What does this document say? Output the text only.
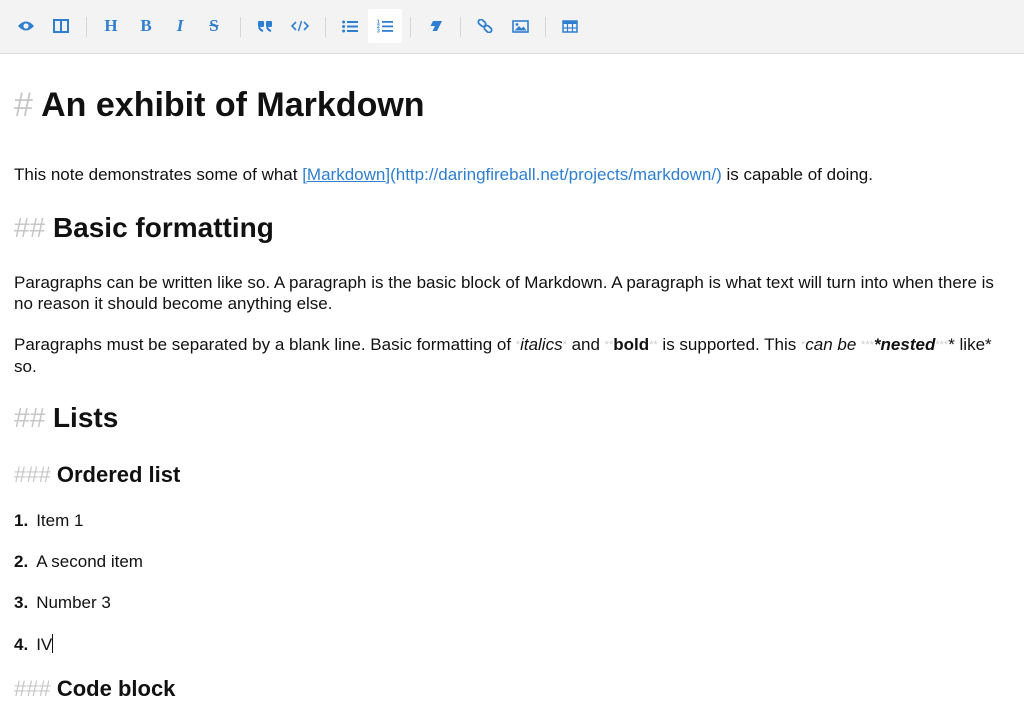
H B I S	1
2
3
# An exhibit of Markdown
This note demonstrates some of what [Markdown](http://daringfireball.net/projects/markdown/) is capable of doing.
## Basic formatting
Paragraphs can be written like so. A paragraph is the basic block of Markdown. A paragraph is what text will turn into when there is no reason it should become anything else.
Paragraphs must be separated by a blank line. Basic formatting of *italics* and **bold** is supported. This *can be ****nested**** like* so.
## Lists
### Ordered list
1. Item 1
2. A second item
3. Number 3
4. IV
### Code block
